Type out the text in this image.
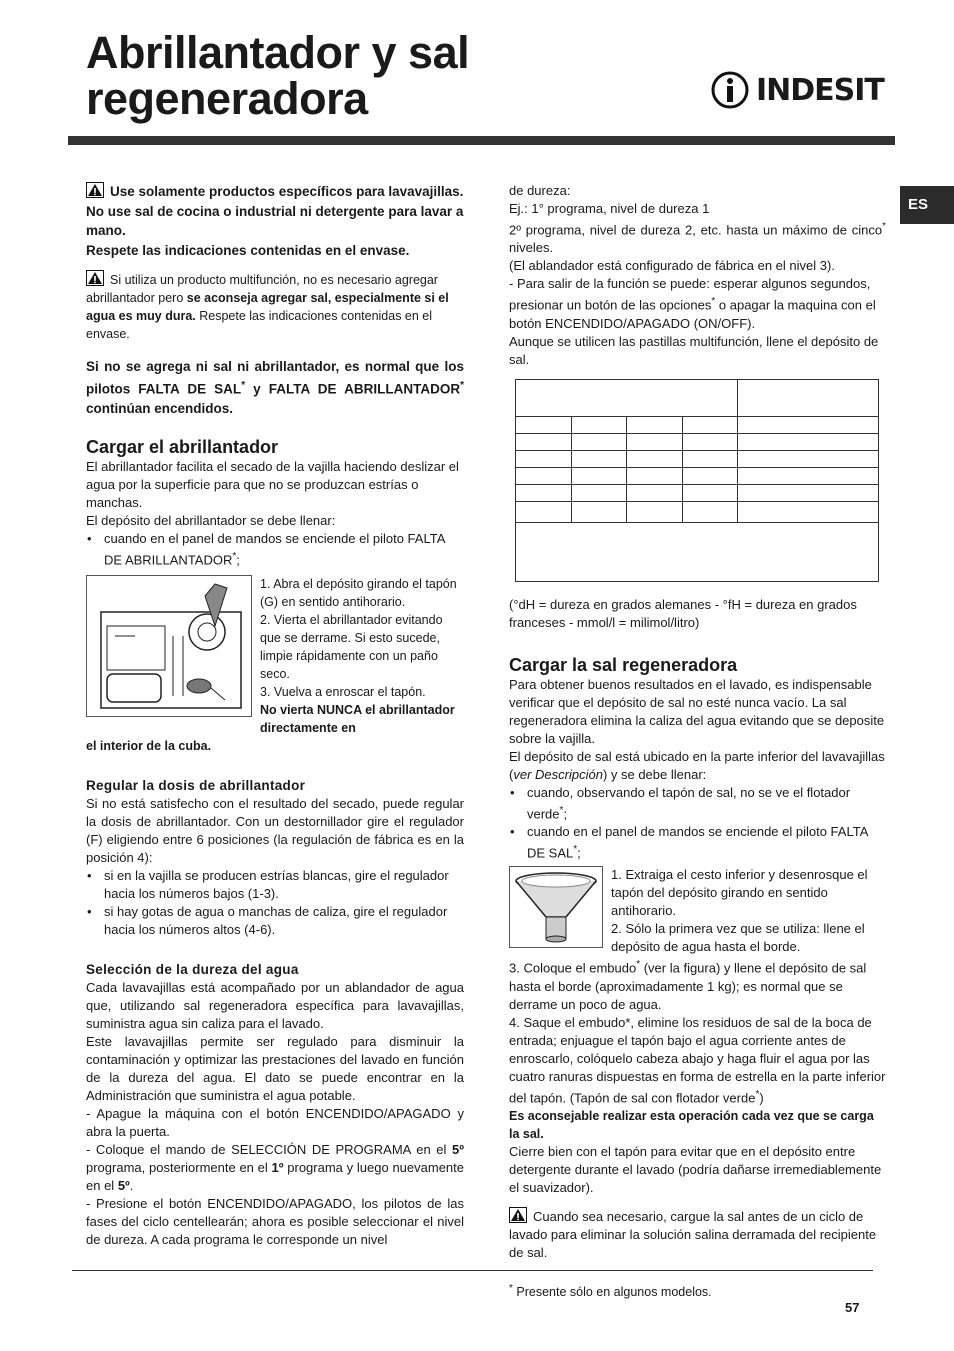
Abrillantador y sal
regeneradora	INDESIT
ES

Use solamente productos específicos para lavavajillas.
No use sal de cocina o industrial ni detergente para lavar a mano.
Respete las indicaciones contenidas en el envase.

Si utiliza un producto multifunción, no es necesario agregar abrillantador pero se aconseja agregar sal, especialmente si el agua es muy dura. Respete las indicaciones contenidas en el envase.

Si no se agrega ni sal ni abrillantador, es normal que los pilotos FALTA DE SAL* y FALTA DE ABRILLANTADOR* continúan encendidos.

Cargar el abrillantador

El abrillantador facilita el secado de la vajilla haciendo deslizar el agua por la superficie para que no se produzcan estrías o manchas.

El depósito del abrillantador se debe llenar:

• cuando en el panel de mandos se enciende el piloto FALTA DE ABRILLANTADOR*;

1. Abra el depósito girando el tapón (G) en sentido antihorario.

2. Vierta el abrillantador evitando que se derrame. Si esto sucede, limpie rápidamente con un paño seco.

3. Vuelva a enroscar el tapón.

No vierta NUNCA el abrillantador directamente en

el interior de la cuba.

Regular la dosis de abrillantador

Si no está satisfecho con el resultado del secado, puede regular la dosis de abrillantador. Con un destornillador gire el regulador (F) eligiendo entre 6 posiciones (la regulación de fábrica es en la posición 4):

• si en la vajilla se producen estrías blancas, gire el regulador hacia los números bajos (1-3).
• si hay gotas de agua o manchas de caliza, gire el regulador hacia los números altos (4-6).
Selección de la dureza del agua

Cada lavavajillas está acompañado por un ablandador de agua que, utilizando sal regeneradora específica para lavavajillas, suministra agua sin caliza para el lavado.

Este lavavajillas permite ser regulado para disminuir la contaminación y optimizar las prestaciones del lavado en función de la dureza del agua. El dato se puede encontrar en la Administración que suministra el agua potable.

- Apague la máquina con el botón ENCENDIDO/APAGADO y abra la puerta.

- Coloque el mando de SELECCIÓN DE PROGRAMA en el 5º programa, posteriormente en el 1º programa y luego nuevamente en el 5º.

- Presione el botón ENCENDIDO/APAGADO, los pilotos de las fases del ciclo centellearán; ahora es posible seleccionar el nivel de dureza. A cada programa le corresponde un nivel

de dureza:

Ej.: 1° programa, nivel de dureza 1

2º programa, nivel de dureza 2, etc. hasta un máximo de cinco* niveles.

(El ablandador está configurado de fábrica en el nivel 3).

- Para salir de la función se puede: esperar algunos segundos, presionar un botón de las opciones* o apagar la maquina con el botón ENCENDIDO/APAGADO (ON/OFF).

Aunque se utilicen las pastillas multifunción, llene el depósito de sal.

(°dH = dureza en grados alemanes - °fH = dureza en grados franceses - mmol/l = milimol/litro)

Cargar la sal regeneradora

Para obtener buenos resultados en el lavado, es indispensable verificar que el depósito de sal no esté nunca vacío. La sal regeneradora elimina la caliza del agua evitando que se deposite sobre la vajilla.

El depósito de sal está ubicado en la parte inferior del lavavajillas (ver Descripción) y se debe llenar:

• cuando, observando el tapón de sal, no se ve el flotador verde*;
• cuando en el panel de mandos se enciende el piloto FALTA DE SAL*;

1. Extraiga el cesto inferior y desenrosque el tapón del depósito girando en sentido antihorario.

2. Sólo la primera vez que se utiliza: llene el depósito de agua hasta el borde.

3. Coloque el embudo* (ver la figura) y llene el depósito de sal hasta el borde (aproximadamente 1 kg); es normal que se derrame un poco de agua.

4. Saque el embudo*, elimine los residuos de sal de la boca de entrada; enjuague el tapón bajo el agua corriente antes de enroscarlo, colóquelo cabeza abajo y haga fluir el agua por las cuatro ranuras dispuestas en forma de estrella en la parte inferior del tapón. (Tapón de sal con flotador verde*)

Es aconsejable realizar esta operación cada vez que se carga la sal.

Cierre bien con el tapón para evitar que en el depósito entre detergente durante el lavado (podría dañarse irremediablemente el suavizador).

Cuando sea necesario, cargue la sal antes de un ciclo de lavado para eliminar la solución salina derramada del recipiente de sal.

* Presente sólo en algunos modelos.

57
